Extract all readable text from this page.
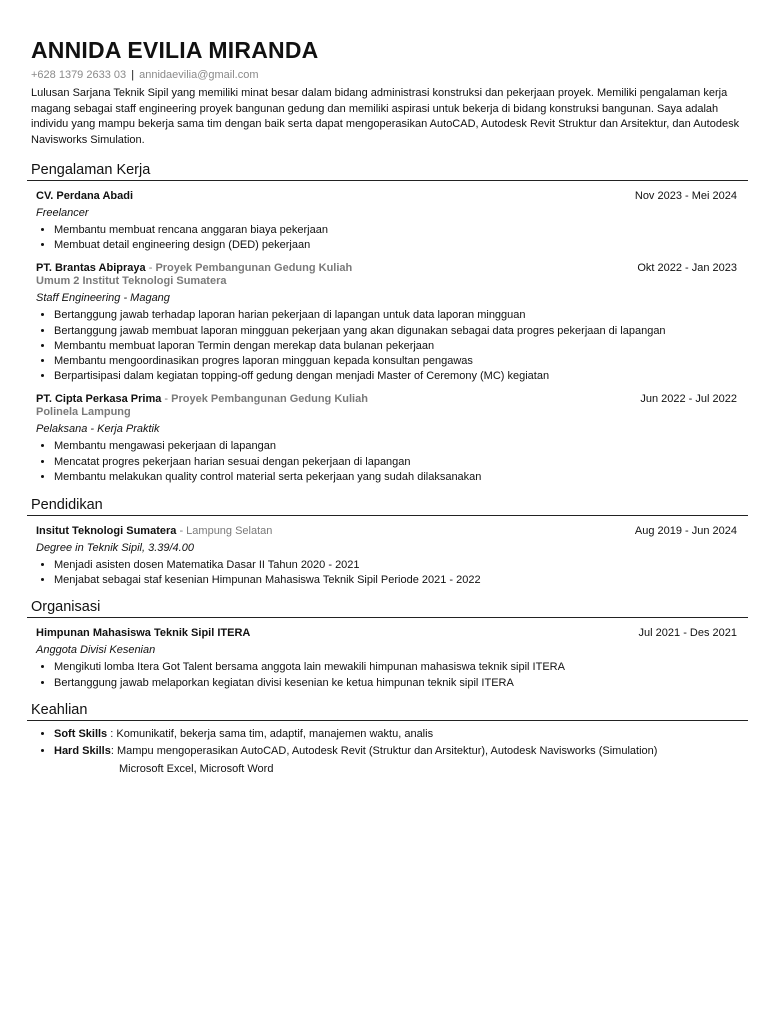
ANNIDA EVILIA MIRANDA
+628 1379 2633 03 | annidaevilia@gmail.com
Lulusan Sarjana Teknik Sipil yang memiliki minat besar dalam bidang administrasi konstruksi dan pekerjaan proyek. Memiliki pengalaman kerja magang sebagai staff engineering proyek bangunan gedung dan memiliki aspirasi untuk bekerja di bidang konstruksi bangunan. Saya adalah individu yang mampu bekerja sama tim dengan baik serta dapat mengoperasikan AutoCAD, Autodesk Revit Struktur dan Arsitektur, dan Autodesk Navisworks Simulation.
Pengalaman Kerja
CV. Perdana Abadi	Nov 2023 - Mei 2024
Freelancer
• Membantu membuat rencana anggaran biaya pekerjaan
• Membuat detail engineering design (DED) pekerjaan
PT. Brantas Abipraya - Proyek Pembangunan Gedung Kuliah Umum 2 Institut Teknologi Sumatera
Okt 2022 - Jan 2023
Staff Engineering - Magang
• Bertanggung jawab terhadap laporan harian pekerjaan di lapangan untuk data laporan mingguan
• Bertanggung jawab membuat laporan mingguan pekerjaan yang akan digunakan sebagai data progres pekerjaan di lapangan
• Membantu membuat laporan Termin dengan merekap data bulanan pekerjaan
• Membantu mengoordinasikan progres laporan mingguan kepada konsultan pengawas
• Berpartisipasi dalam kegiatan topping-off gedung dengan menjadi Master of Ceremony (MC) kegiatan
PT. Cipta Perkasa Prima - Proyek Pembangunan Gedung Kuliah Polinela Lampung
Jun 2022 - Jul 2022
Pelaksana - Kerja Praktik
• Membantu mengawasi pekerjaan di lapangan
• Mencatat progres pekerjaan harian sesuai dengan pekerjaan di lapangan
• Membantu melakukan quality control material serta pekerjaan yang sudah dilaksanakan
Pendidikan
Insitut Teknologi Sumatera - Lampung Selatan	Aug 2019 - Jun 2024
Degree in Teknik Sipil, 3.39/4.00
• Menjadi asisten dosen Matematika Dasar II Tahun 2020 - 2021
• Menjabat sebagai staf kesenian Himpunan Mahasiswa Teknik Sipil Periode 2021 - 2022
Organisasi
Himpunan Mahasiswa Teknik Sipil ITERA	Jul 2021 - Des 2021
Anggota Divisi Kesenian
• Mengikuti lomba Itera Got Talent bersama anggota lain mewakili himpunan mahasiswa teknik sipil ITERA
• Bertanggung jawab melaporkan kegiatan divisi kesenian ke ketua himpunan teknik sipil ITERA
Keahlian
• Soft Skills : Komunikatif, bekerja sama tim, adaptif, manajemen waktu, analis
• Hard Skills: Mampu mengoperasikan AutoCAD, Autodesk Revit (Struktur dan Arsitektur), Autodesk Navisworks (Simulation)
Microsoft Excel, Microsoft Word
